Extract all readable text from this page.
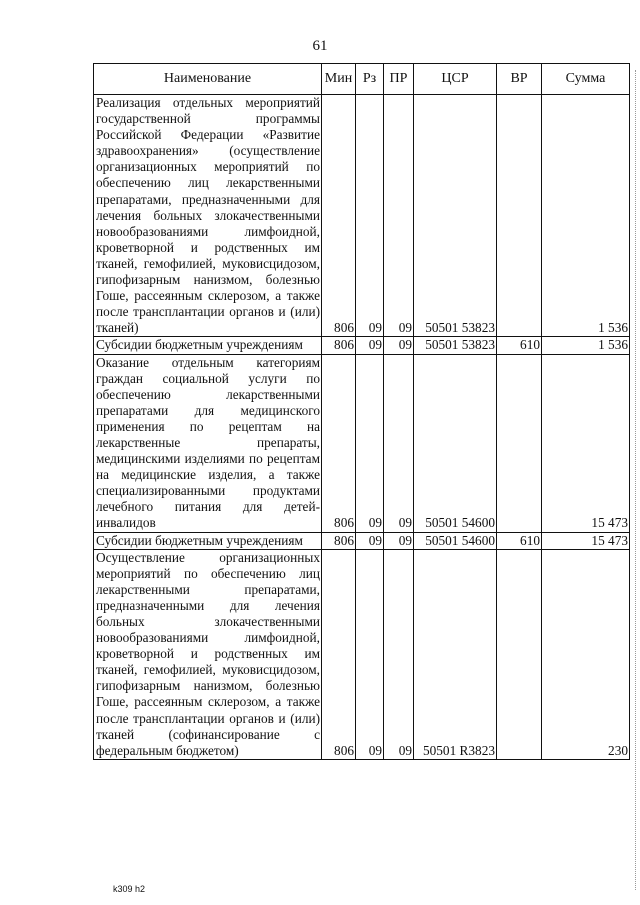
61
Наименование	Мин	Рз	ПР	ЦСР	ВР	Сумма
Реализация отдельных мероприятий государственной программы Российской Федерации «Развитие здравоохранения» (осуществление организационных мероприятий по обеспечению лиц лекарственными препаратами, предназначенными для лечения больных злокачественными новообразованиями лимфоидной, кроветворной и родственных им тканей, гемофилией, муковисцидозом, гипофизарным нанизмом, болезнью Гоше, рассеянным склерозом, а также после трансплантации органов и (или) тканей)	806	09	09	50501 53823		1 536
Субсидии бюджетным учреждениям	806	09	09	50501 53823	610	1 536
Оказание отдельным категориям граждан социальной услуги по обеспечению лекарственными препаратами для медицинского применения по рецептам на лекарственные препараты, медицинскими изделиями по рецептам на медицинские изделия, а также специализированными продуктами лечебного питания для детей-инвалидов	806	09	09	50501 54600		15 473
Субсидии бюджетным учреждениям	806	09	09	50501 54600	610	15 473
Осуществление организационных мероприятий по обеспечению лиц лекарственными препаратами, предназначенными для лечения больных злокачественными новообразованиями лимфоидной, кроветворной и родственных им тканей, гемофилией, муковисцидозом, гипофизарным нанизмом, болезнью Гоше, рассеянным склерозом, а также после трансплантации органов и (или) тканей (софинансирование с федеральным бюджетом)	806	09	09	50501 R3823		230
k309 h2
